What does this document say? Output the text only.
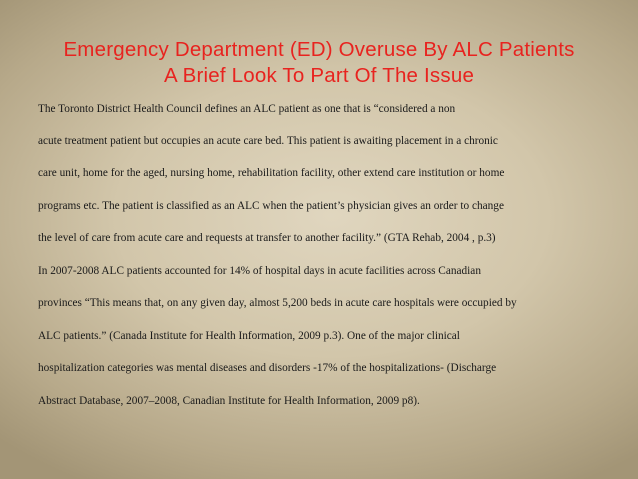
Emergency Department (ED) Overuse By ALC Patients
A Brief Look To Part Of The Issue
The Toronto District Health Council defines an ALC patient as one that is “considered a non
acute treatment patient but occupies an acute care bed. This patient is awaiting placement in a chronic
care unit, home for the aged, nursing home, rehabilitation facility, other extend care institution or home
programs etc. The patient is classified as an ALC when the patient’s physician gives an order to change
the level of care from acute care and requests at transfer to another facility.” (GTA Rehab, 2004 , p.3)
In 2007-2008 ALC patients accounted for 14% of hospital days in acute facilities across Canadian
provinces “This means that, on any given day, almost 5,200 beds in acute care hospitals were occupied by
ALC patients.” (Canada Institute for Health Information, 2009 p.3). One of the major clinical
hospitalization categories was mental diseases and disorders -17% of the hospitalizations- (Discharge
Abstract Database, 2007–2008, Canadian Institute for Health Information, 2009 p8).
